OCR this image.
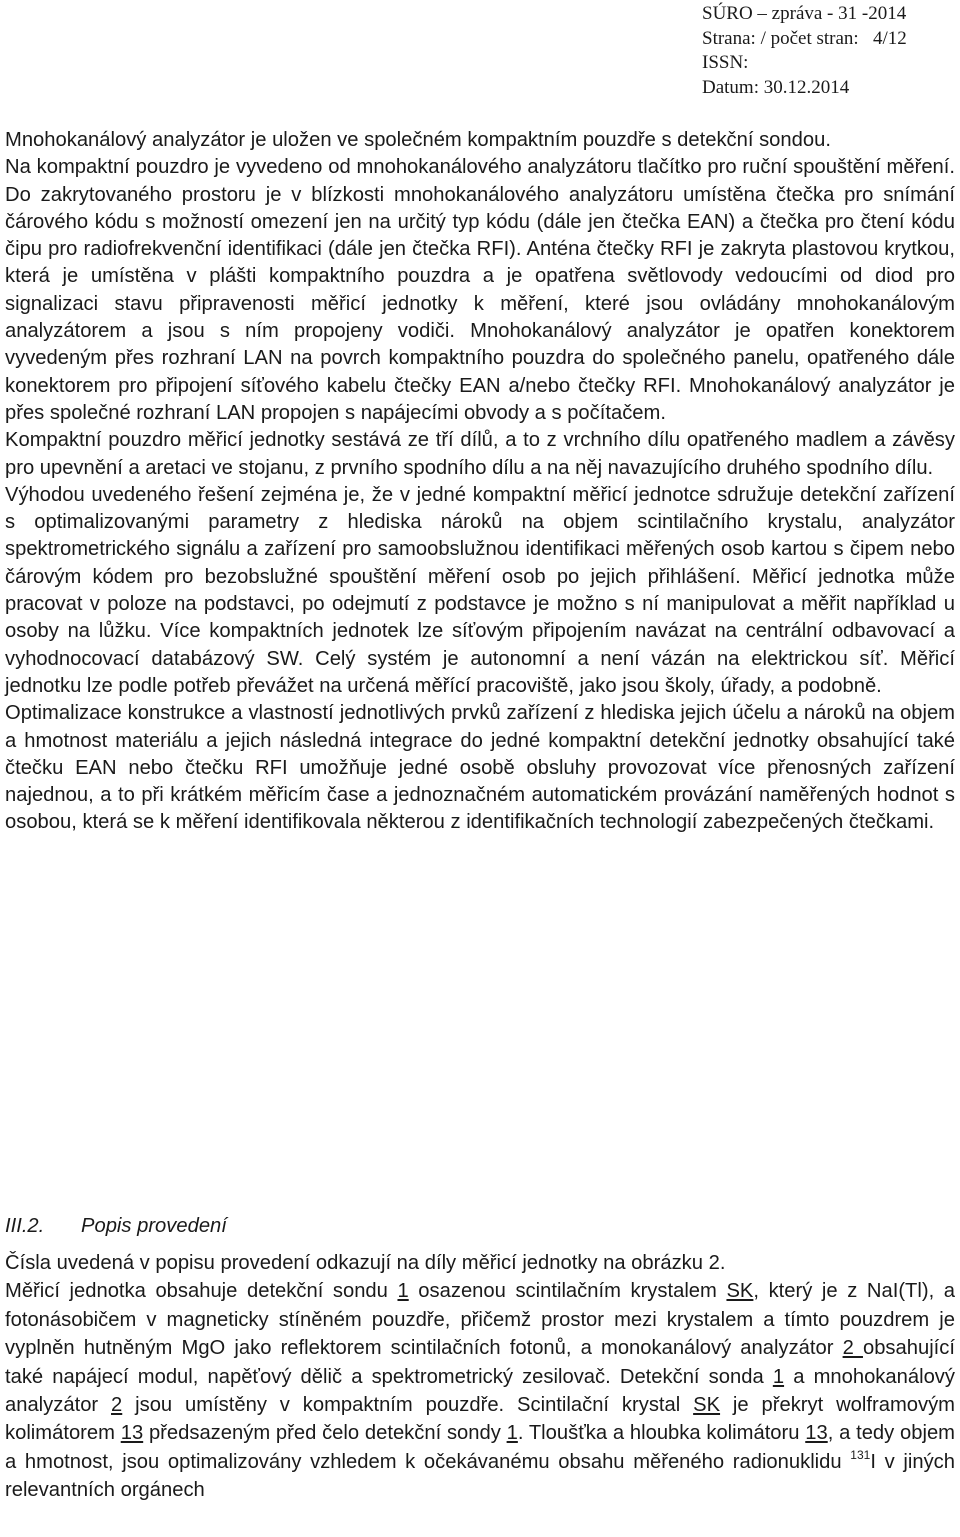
SÚRO – zpráva - 31 -2014
Strana: / počet stran:   4/12
ISSN:
Datum: 30.12.2014

Mnohokanálový analyzátor je uložen ve společném kompaktním pouzdře s detekční sondou.

Na kompaktní pouzdro je vyvedeno od mnohokanálového analyzátoru tlačítko pro ruční spouštění měření. Do zakrytovaného prostoru je v blízkosti mnohokanálového analyzátoru umístěna čtečka pro snímání čárového kódu s možností omezení jen na určitý typ kódu (dále jen čtečka EAN) a čtečka pro čtení kódu čipu pro radiofrekvenční identifikaci (dále jen čtečka RFI). Anténa čtečky RFI je zakryta plastovou krytkou, která je umístěna v plášti kompaktního pouzdra a je opatřena světlovody vedoucími od diod pro signalizaci stavu připravenosti měřicí jednotky k měření, které jsou ovládány mnohokanálovým analyzátorem a jsou s ním propojeny vodiči. Mnohokanálový analyzátor je opatřen konektorem vyvedeným přes rozhraní LAN na povrch kompaktního pouzdra do společného panelu, opatřeného dále konektorem pro připojení síťového kabelu čtečky EAN a/nebo čtečky RFI. Mnohokanálový analyzátor je přes společné rozhraní LAN propojen s napájecími obvody a s počítačem.

Kompaktní pouzdro měřicí jednotky sestává ze tří dílů, a to z vrchního dílu opatřeného madlem a závěsy pro upevnění a aretaci ve stojanu, z prvního spodního dílu a na něj navazujícího druhého spodního dílu.

Výhodou uvedeného řešení zejména je, že v jedné kompaktní měřicí jednotce sdružuje detekční zařízení s optimalizovanými parametry z hlediska nároků na objem scintilačního krystalu, analyzátor spektrometrického signálu a zařízení pro samoobslužnou identifikaci měřených osob kartou s čipem nebo čárovým kódem pro bezobslužné spouštění měření osob po jejich přihlášení. Měřicí jednotka může pracovat v poloze na podstavci, po odejmutí z podstavce je možno s ní manipulovat a měřit například u osoby na lůžku. Více kompaktních jednotek lze síťovým připojením navázat na centrální odbavovací a vyhodnocovací databázový SW. Celý systém je autonomní a není vázán na elektrickou síť. Měřicí jednotku lze podle potřeb převážet na určená měřící pracoviště, jako jsou školy, úřady, a podobně.

Optimalizace konstrukce a vlastností jednotlivých prvků zařízení z hlediska jejich účelu a nároků na objem a hmotnost materiálu a jejich následná integrace do jedné kompaktní detekční jednotky obsahující také čtečku EAN nebo čtečku RFI umožňuje jedné osobě obsluhy provozovat více přenosných zařízení najednou, a to při krátkém měřicím čase a jednoznačném automatickém provázání naměřených hodnot s osobou, která se k měření identifikovala některou z identifikačních technologií zabezpečených čtečkami.

III.2. Popis provedení

Čísla uvedená v popisu provedení odkazují na díly měřicí jednotky na obrázku 2.

Měřicí jednotka obsahuje detekční sondu 1 osazenou scintilačním krystalem SK, který je z NaI(Tl), a fotonásobičem v magneticky stíněném pouzdře, přičemž prostor mezi krystalem a tímto pouzdrem je vyplněn hutněným MgO jako reflektorem scintilačních fotonů, a monokanálový analyzátor 2 obsahující také napájecí modul, napěťový dělič a spektrometrický zesilovač. Detekční sonda 1 a mnohokanálový analyzátor 2 jsou umístěny v kompaktním pouzdře. Scintilační krystal SK je překryt wolframovým kolimátorem 13 předsazeným před čelo detekční sondy 1. Tloušťka a hloubka kolimátoru 13, a tedy objem a hmotnost, jsou optimalizovány vzhledem k očekávanému obsahu měřeného radionuklidu $^{131}$I v jiných relevantních orgánech
